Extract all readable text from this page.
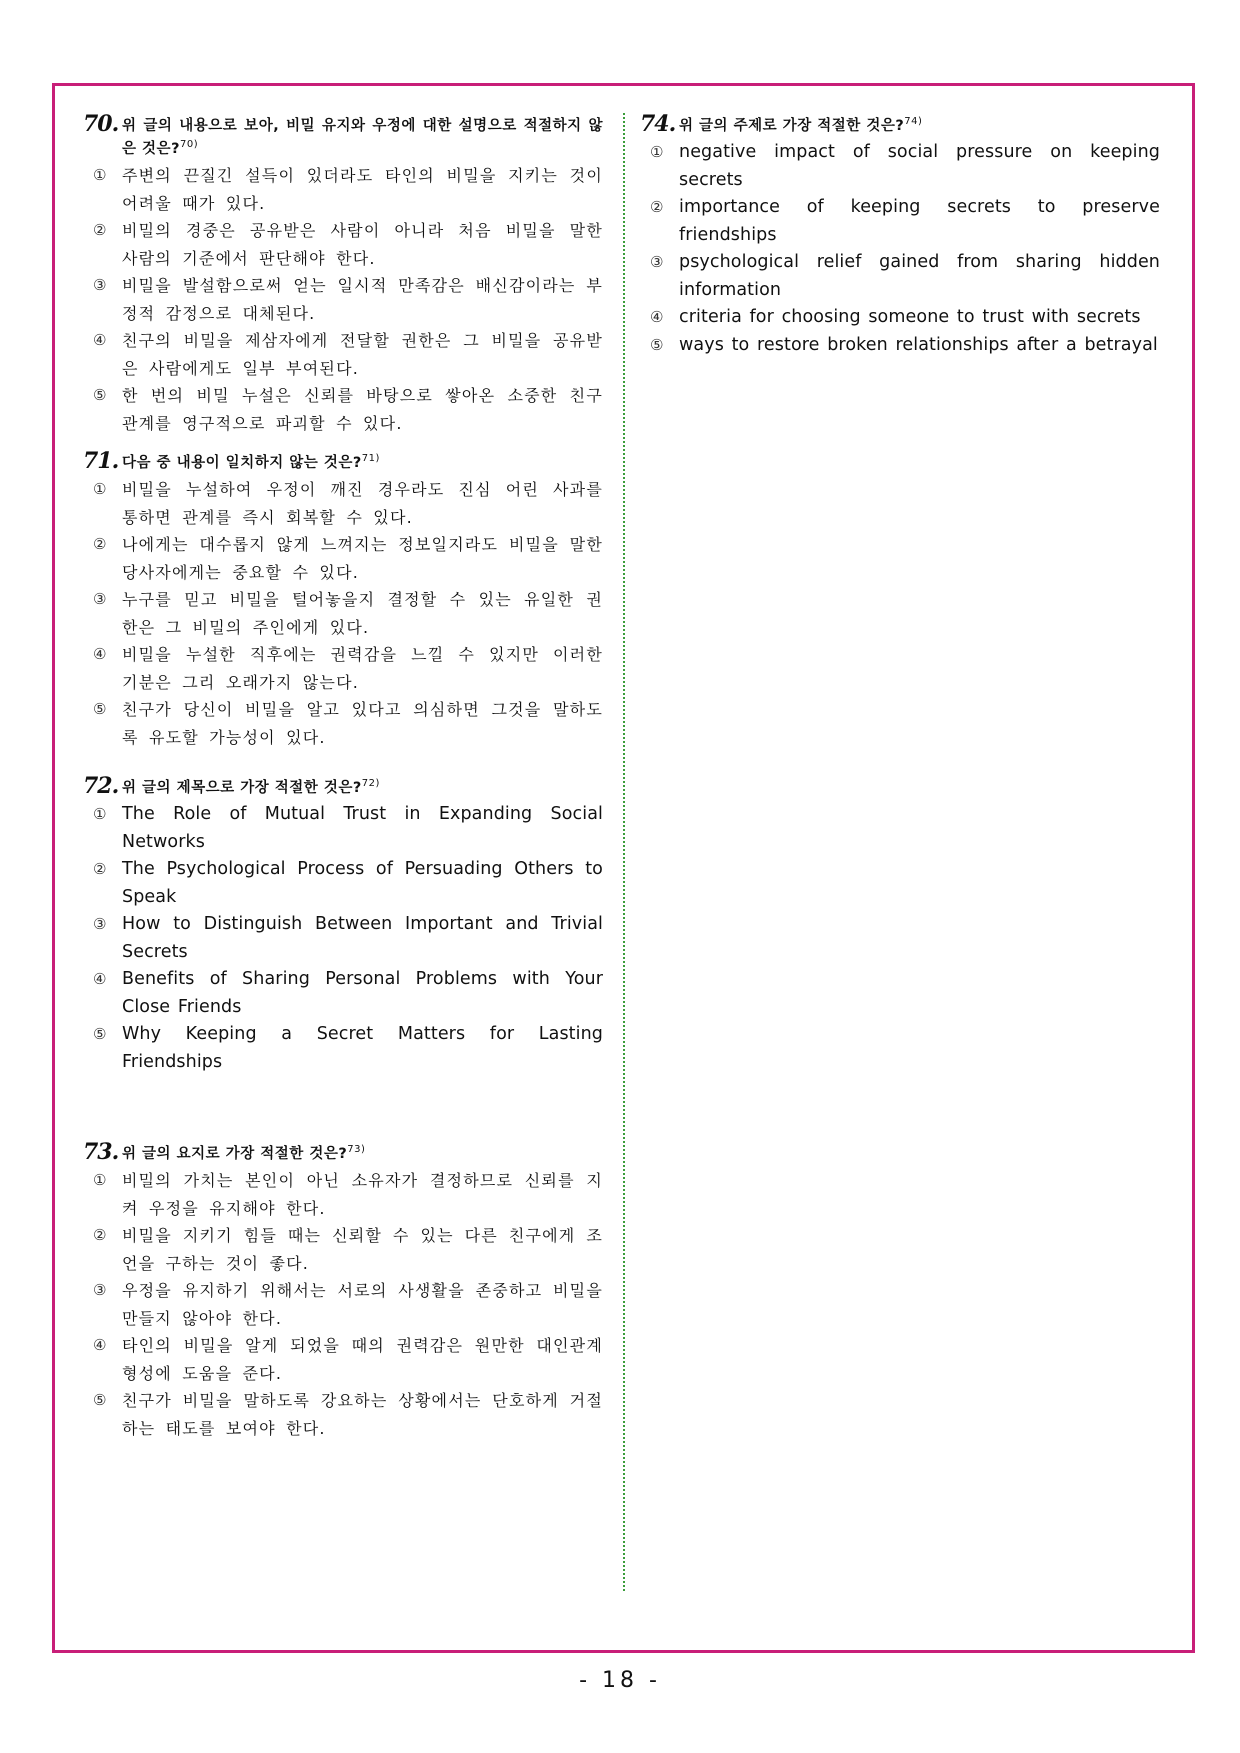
70. 위 글의 내용으로 보아, 비밀 유지와 우정에 대한 설명으로 적절하지 않은 것은?$^{70)}$
① 주변의 끈질긴 설득이 있더라도 타인의 비밀을 지키는 것이 어려울 때가 있다.
② 비밀의 경중은 공유받은 사람이 아니라 처음 비밀을 말한 사람의 기준에서 판단해야 한다.
③ 비밀을 발설함으로써 얻는 일시적 만족감은 배신감이라는 부정적 감정으로 대체된다.
④ 친구의 비밀을 제삼자에게 전달할 권한은 그 비밀을 공유받은 사람에게도 일부 부여된다.
⑤ 한 번의 비밀 누설은 신뢰를 바탕으로 쌓아온 소중한 친구 관계를 영구적으로 파괴할 수 있다.
71. 다음 중 내용이 일치하지 않는 것은?$^{71)}$
① 비밀을 누설하여 우정이 깨진 경우라도 진심 어린 사과를 통하면 관계를 즉시 회복할 수 있다.
② 나에게는 대수롭지 않게 느껴지는 정보일지라도 비밀을 말한 당사자에게는 중요할 수 있다.
③ 누구를 믿고 비밀을 털어놓을지 결정할 수 있는 유일한 권한은 그 비밀의 주인에게 있다.
④ 비밀을 누설한 직후에는 권력감을 느낄 수 있지만 이러한 기분은 그리 오래가지 않는다.
⑤ 친구가 당신이 비밀을 알고 있다고 의심하면 그것을 말하도록 유도할 가능성이 있다.
72. 위 글의 제목으로 가장 적절한 것은?$^{72)}$
① The Role of Mutual Trust in Expanding Social Networks
② The Psychological Process of Persuading Others to Speak
③ How to Distinguish Between Important and Trivial Secrets
④ Benefits of Sharing Personal Problems with Your Close Friends
⑤ Why Keeping a Secret Matters for Lasting Friendships
73. 위 글의 요지로 가장 적절한 것은?$^{73)}$
① 비밀의 가치는 본인이 아닌 소유자가 결정하므로 신뢰를 지켜 우정을 유지해야 한다.
② 비밀을 지키기 힘들 때는 신뢰할 수 있는 다른 친구에게 조언을 구하는 것이 좋다.
③ 우정을 유지하기 위해서는 서로의 사생활을 존중하고 비밀을 만들지 않아야 한다.
④ 타인의 비밀을 알게 되었을 때의 권력감은 원만한 대인관계 형성에 도움을 준다.
⑤ 친구가 비밀을 말하도록 강요하는 상황에서는 단호하게 거절하는 태도를 보여야 한다.
74. 위 글의 주제로 가장 적절한 것은?$^{74)}$
① negative impact of social pressure on keeping secrets
② importance of keeping secrets to preserve friendships
③ psychological relief gained from sharing hidden information
④ criteria for choosing someone to trust with secrets
⑤ ways to restore broken relationships after a betrayal
- 18 -
